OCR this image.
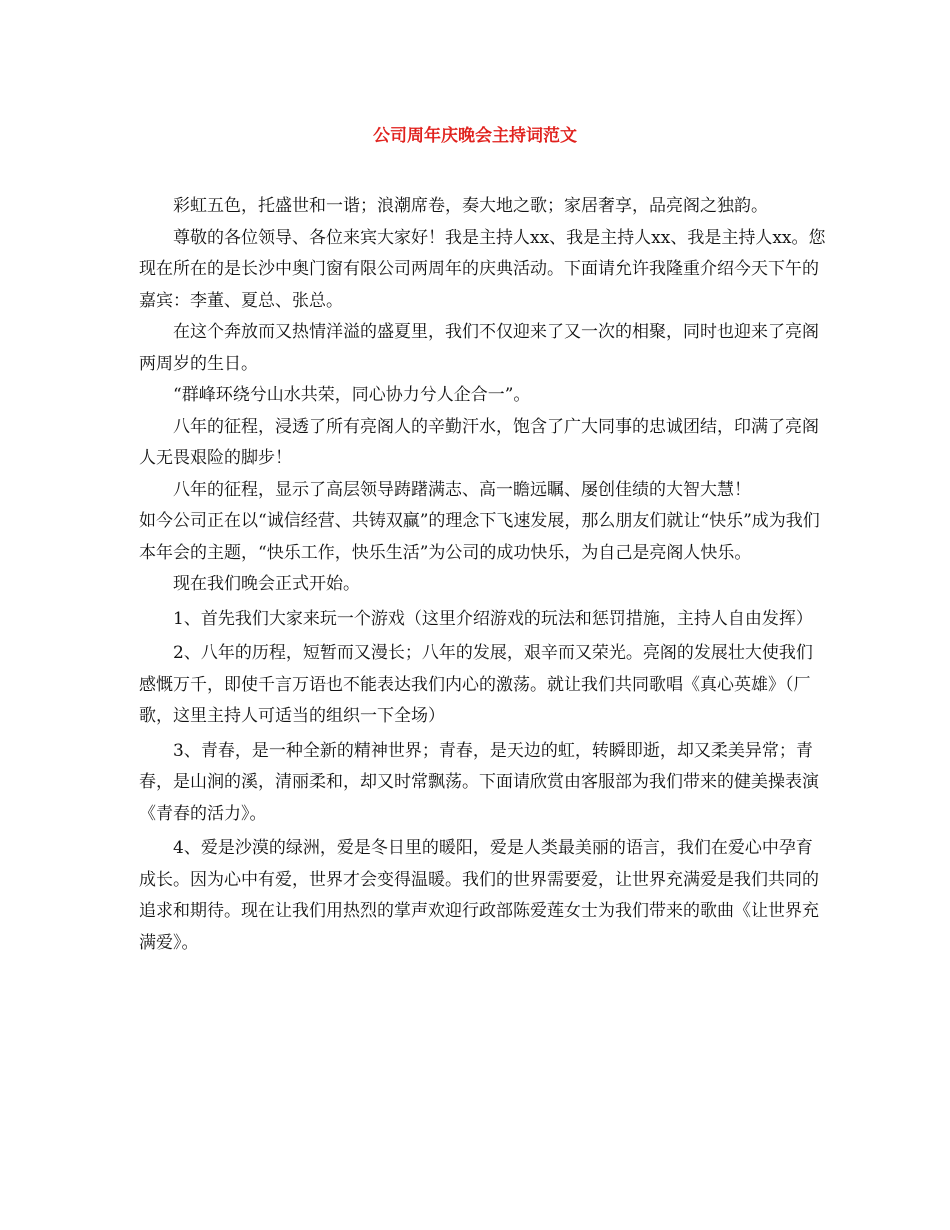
公司周年庆晚会主持词范文

彩虹五色，托盛世和一谐；浪潮席卷，奏大地之歌；家居奢享，品亮阁之独韵。

尊敬的各位领导、各位来宾大家好！我是主持人xx、我是主持人xx、我是主持人xx。您现在所在的是长沙中奥门窗有限公司两周年的庆典活动。下面请允许我隆重介绍今天下午的嘉宾：李董、夏总、张总。

在这个奔放而又热情洋溢的盛夏里，我们不仅迎来了又一次的相聚，同时也迎来了亮阁两周岁的生日。

“群峰环绕兮山水共荣，同心协力兮人企合一”。

八年的征程，浸透了所有亮阁人的辛勤汗水，饱含了广大同事的忠诚团结，印满了亮阁人无畏艰险的脚步！

八年的征程，显示了高层领导踌躇满志、高一瞻远瞩、屡创佳绩的大智大慧！

如今公司正在以“诚信经营、共铸双赢”的理念下飞速发展，那么朋友们就让“快乐”成为我们本年会的主题，“快乐工作，快乐生活”为公司的成功快乐，为自己是亮阁人快乐。

现在我们晚会正式开始。

1、首先我们大家来玩一个游戏（这里介绍游戏的玩法和惩罚措施，主持人自由发挥）

2、八年的历程，短暂而又漫长；八年的发展，艰辛而又荣光。亮阁的发展壮大使我们感慨万千，即使千言万语也不能表达我们内心的激荡。就让我们共同歌唱《真心英雄》（厂歌，这里主持人可适当的组织一下全场）

3、青春，是一种全新的精神世界；青春，是天边的虹，转瞬即逝，却又柔美异常；青春，是山涧的溪，清丽柔和，却又时常飘荡。下面请欣赏由客服部为我们带来的健美操表演《青春的活力》。

4、爱是沙漠的绿洲，爱是冬日里的暖阳，爱是人类最美丽的语言，我们在爱心中孕育成长。因为心中有爱，世界才会变得温暖。我们的世界需要爱，让世界充满爱是我们共同的追求和期待。现在让我们用热烈的掌声欢迎行政部陈爱莲女士为我们带来的歌曲《让世界充满爱》。
